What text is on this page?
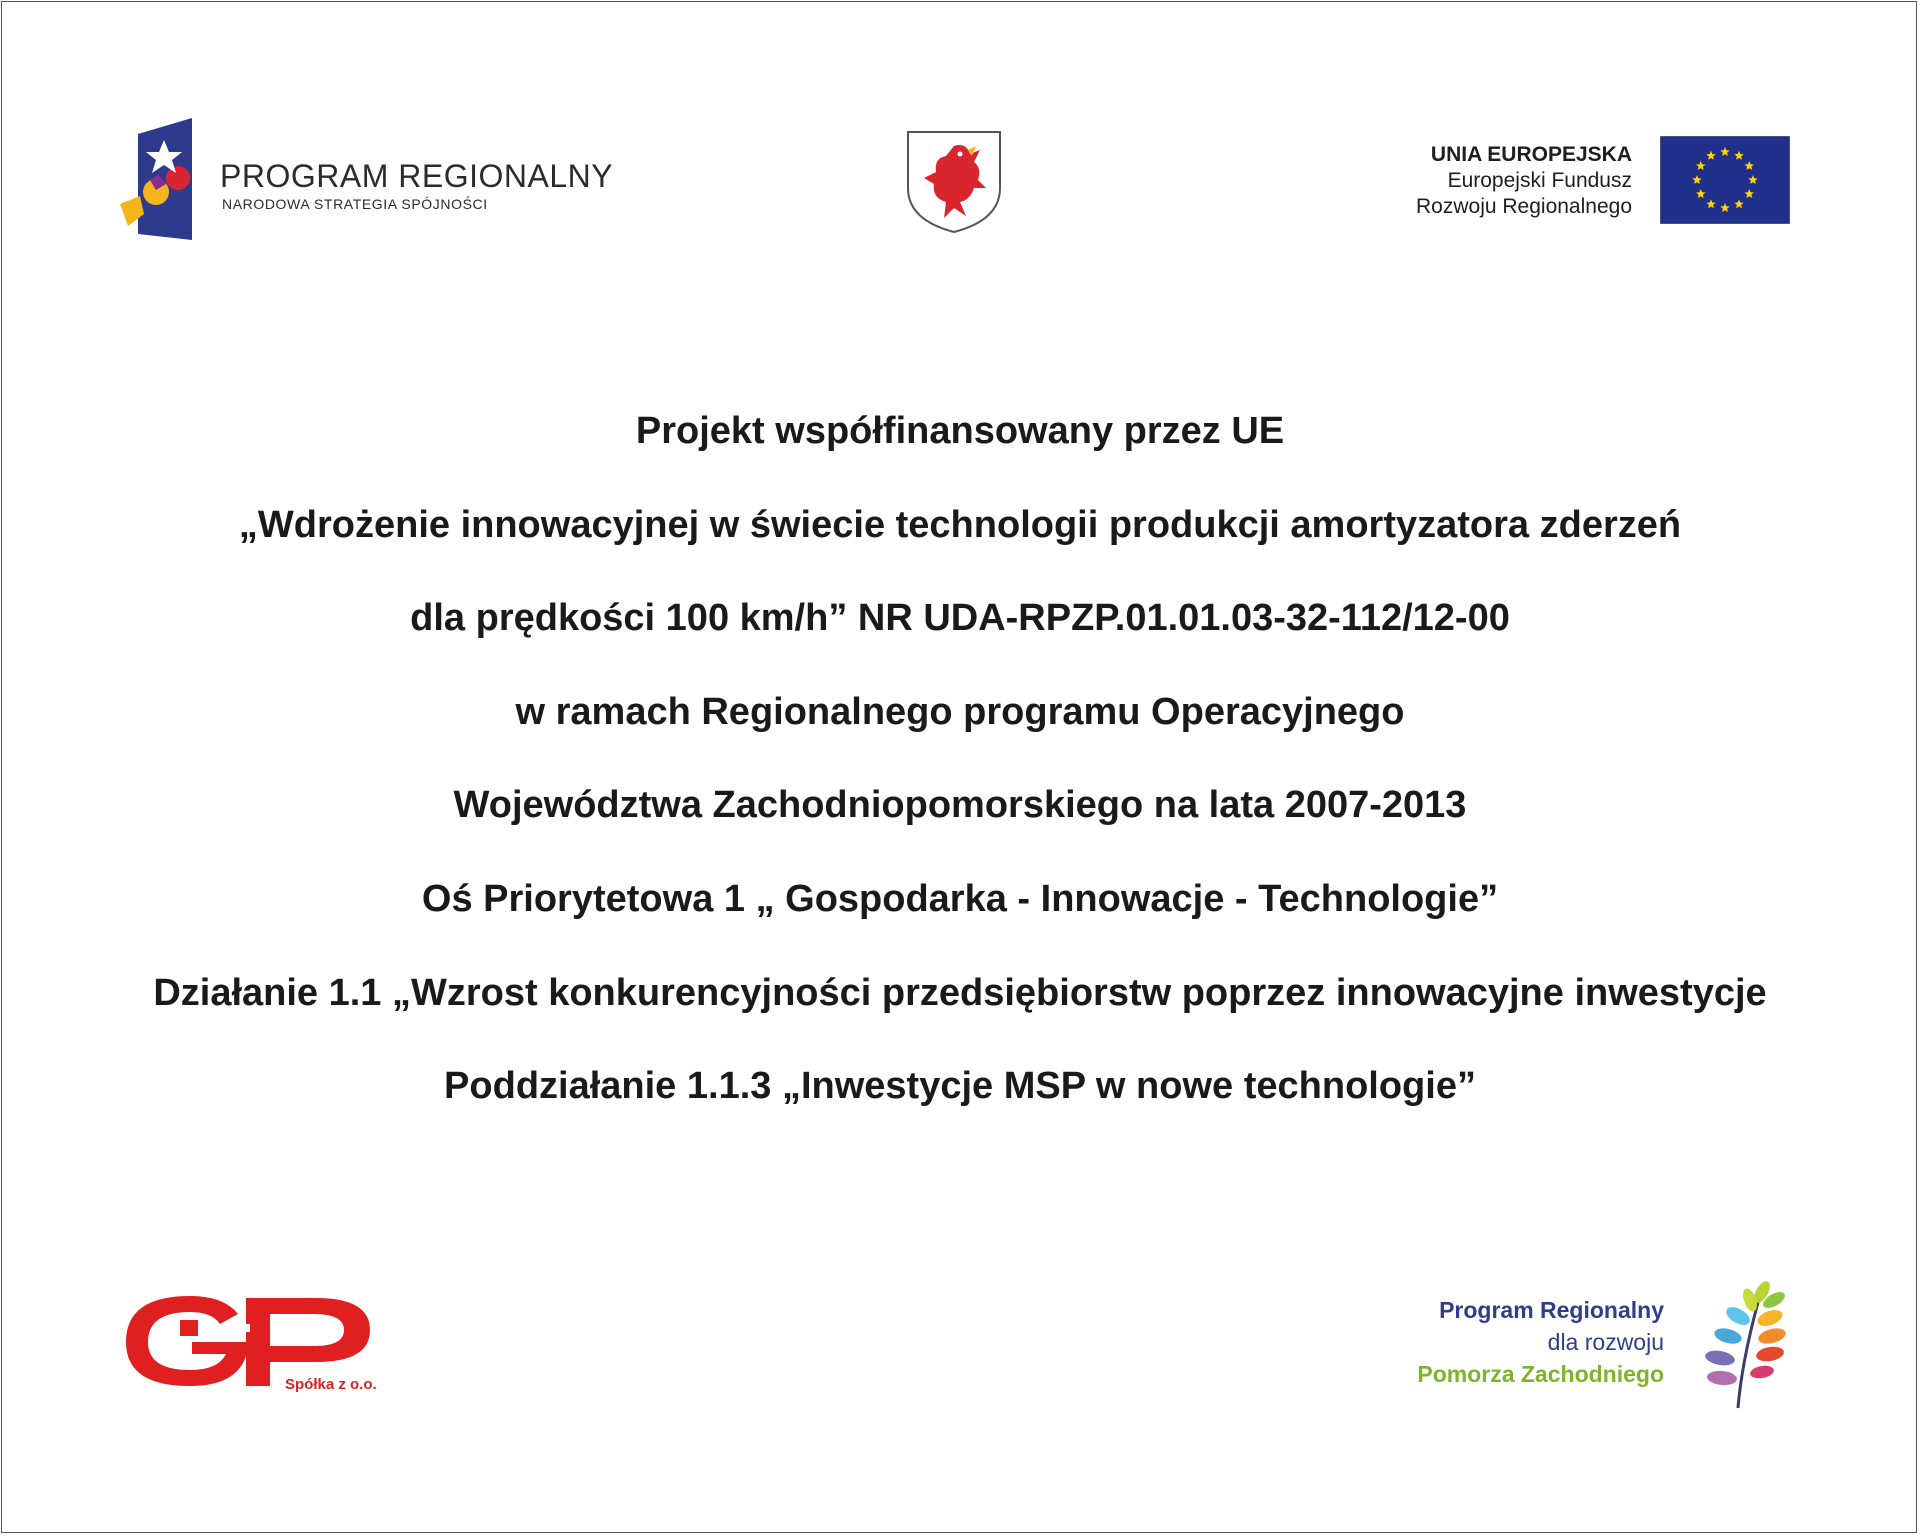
PROGRAM REGIONALNY
NARODOWA STRATEGIA SPÓJNOŚCI
UNIA EUROPEJSKA
Europejski Fundusz
Rozwoju Regionalnego

Projekt współfinansowany przez UE

„Wdrożenie innowacyjnej w świecie technologii produkcji amortyzatora zderzeń

dla prędkości 100 km/h” NR UDA-RPZP.01.01.03-32-112/12-00

w ramach Regionalnego programu Operacyjnego

Województwa Zachodniopomorskiego na lata 2007-2013

Oś Priorytetowa 1 „ Gospodarka - Innowacje - Technologie”

Działanie 1.1 „Wzrost konkurencyjności przedsiębiorstw poprzez innowacyjne inwestycje

Poddziałanie 1.1.3 „Inwestycje MSP w nowe technologie”

Spółka z o.o.
Program Regionalny
dla rozwoju
Pomorza Zachodniego
